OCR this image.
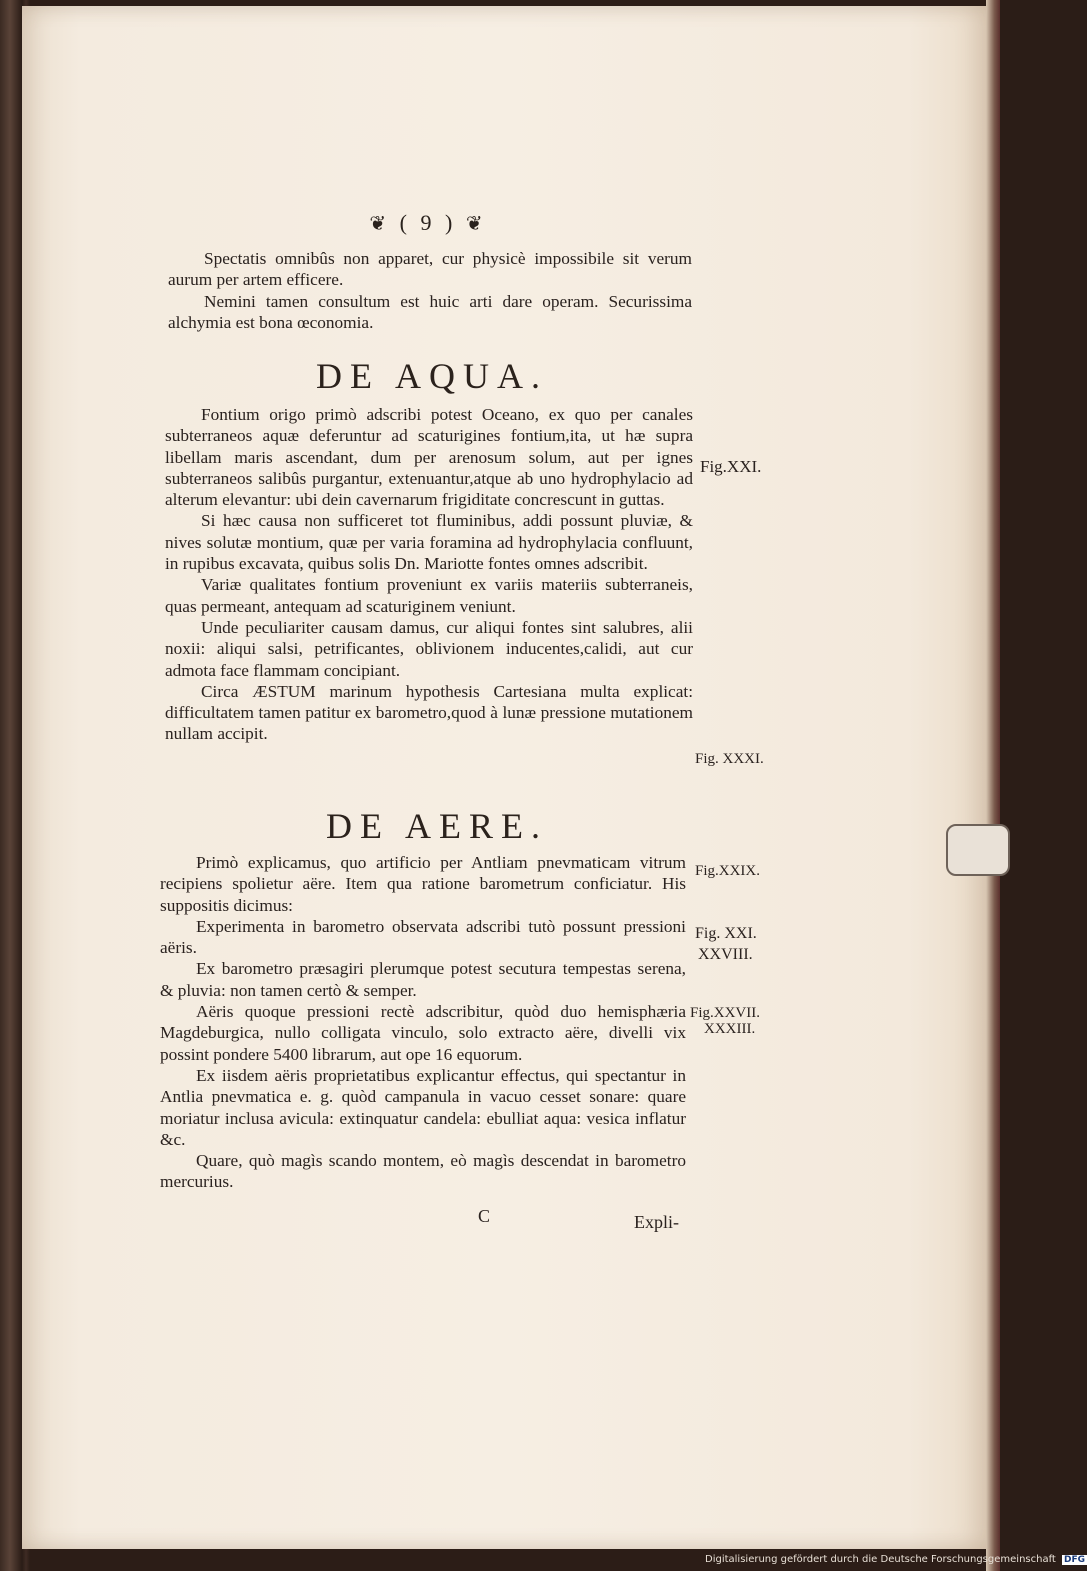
❦ ( 9 ) ❦

Spectatis omnibûs non apparet, cur physicè impossibile sit verum aurum per artem efficere.

Nemini tamen consultum est huic arti dare operam. Securissima alchymia est bona œconomia.

DE AQUA.

Fontium origo primò adscribi potest Oceano, ex quo per canales subterraneos aquæ deferuntur ad scaturigines fontium,ita, ut hæ supra libellam maris ascendant, dum per arenosum solum, aut per ignes subterraneos salibûs purgantur, extenuantur,atque ab uno hydrophylacio ad alterum elevantur: ubi dein cavernarum frigiditate concrescunt in guttas.

Si hæc causa non sufficeret tot fluminibus, addi possunt pluviæ, & nives solutæ montium, quæ per varia foramina ad hydrophylacia confluunt, in rupibus excavata, quibus solis Dn. Mariotte fontes omnes adscribit.

Variæ qualitates fontium proveniunt ex variis materiis subterraneis, quas permeant, antequam ad scaturiginem veniunt.

Unde peculiariter causam damus, cur aliqui fontes sint salubres, alii noxii: aliqui salsi, petrificantes, oblivionem inducentes,calidi, aut cur admota face flammam concipiant.

Circa ÆSTUM marinum hypothesis Cartesiana multa explicat: difficultatem tamen patitur ex barometro,quod à lunæ pressione mutationem nullam accipit.

Fig.XXI.
Fig. XXXI.
DE AERE.

Primò explicamus, quo artificio per Antliam pnevmaticam vitrum recipiens spolietur aëre. Item qua ratione barometrum conficiatur. His suppositis dicimus:

Experimenta in barometro observata adscribi tutò possunt pressioni aëris.

Ex barometro præsagiri plerumque potest secutura tempestas serena, & pluvia: non tamen certò & semper.

Aëris quoque pressioni rectè adscribitur, quòd duo hemisphæria Magdeburgica, nullo colligata vinculo, solo extracto aëre, divelli vix possint pondere 5400 librarum, aut ope 16 equorum.

Ex iisdem aëris proprietatibus explicantur effectus, qui spectantur in Antlia pnevmatica e. g. quòd campanula in vacuo cesset sonare: quare moriatur inclusa avicula: extinquatur candela: ebulliat aqua: vesica inflatur &c.

Quare, quò magìs scando montem, eò magìs descendat in barometro mercurius.

Fig.XXIX.
Fig. XXI.
XXVIII.
Fig.XXVII.
XXXIII.
C	Expli-
Digitalisierung gefördert durch die Deutsche Forschungsgemeinschaft DFG
